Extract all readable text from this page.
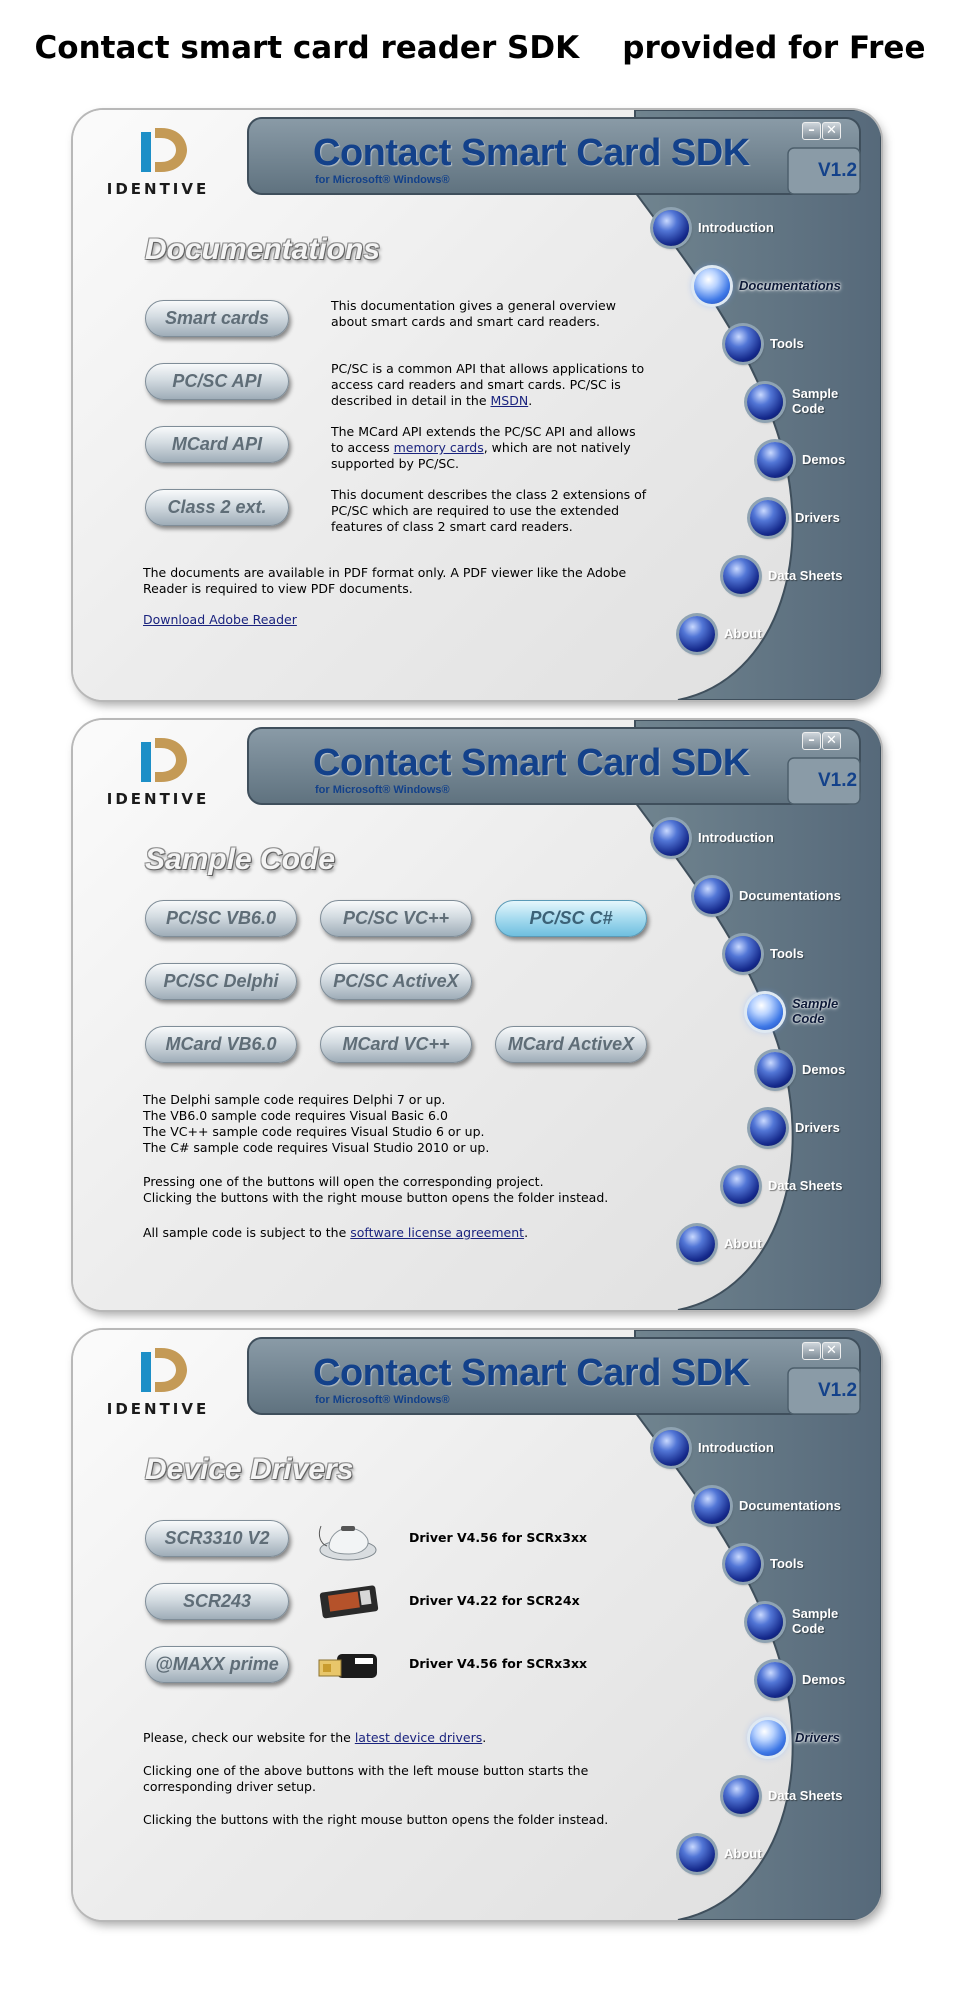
Contact smart card reader SDK    provided for Free
IDENTIVE
Contact Smart Card SDK
for Microsoft® Windows®	V1.2
– ✕
Documentations
Introduction
Documentations
Tools
Sample Code
Demos
Drivers
Data Sheets
About
Smart cards
This documentation gives a general overview about smart cards and smart card readers.
PC/SC API
PC/SC is a common API that allows applications to access card readers and smart cards. PC/SC is described in detail in the MSDN.
MCard API
The MCard API extends the PC/SC API and allows to access memory cards, which are not natively supported by PC/SC.
Class 2 ext.
This document describes the class 2 extensions of PC/SC which are required to use the extended features of class 2 smart card readers.
The documents are available in PDF format only. A PDF viewer like the Adobe Reader is required to view PDF documents.
Download Adobe Reader
IDENTIVE
Contact Smart Card SDK
for Microsoft® Windows®	V1.2
– ✕
Sample Code
Introduction
Documentations
Tools
Sample Code
Demos
Drivers
Data Sheets
About
PC/SC VB6.0	PC/SC VC++	PC/SC C#
PC/SC Delphi	PC/SC ActiveX
MCard VB6.0	MCard VC++	MCard ActiveX

The Delphi sample code requires Delphi 7 or up.

The VB6.0 sample code requires Visual Basic 6.0

The VC++ sample code requires Visual Studio 6 or up.

The C# sample code requires Visual Studio 2010 or up.

Pressing one of the buttons will open the corresponding project.

Clicking the buttons with the right mouse button opens the folder instead.

All sample code is subject to the software license agreement.
IDENTIVE
Contact Smart Card SDK
for Microsoft® Windows®	V1.2
– ✕
Device Drivers
Introduction
Documentations
Tools
Sample Code
Demos
Drivers
Data Sheets
About
SCR3310 V2	Driver V4.56 for SCRx3xx
SCR243	Driver V4.22 for SCR24x
@MAXX prime	Driver V4.56 for SCRx3xx
Please, check our website for the latest device drivers.
Clicking one of the above buttons with the left mouse button starts the corresponding driver setup.
Clicking the buttons with the right mouse button opens the folder instead.
